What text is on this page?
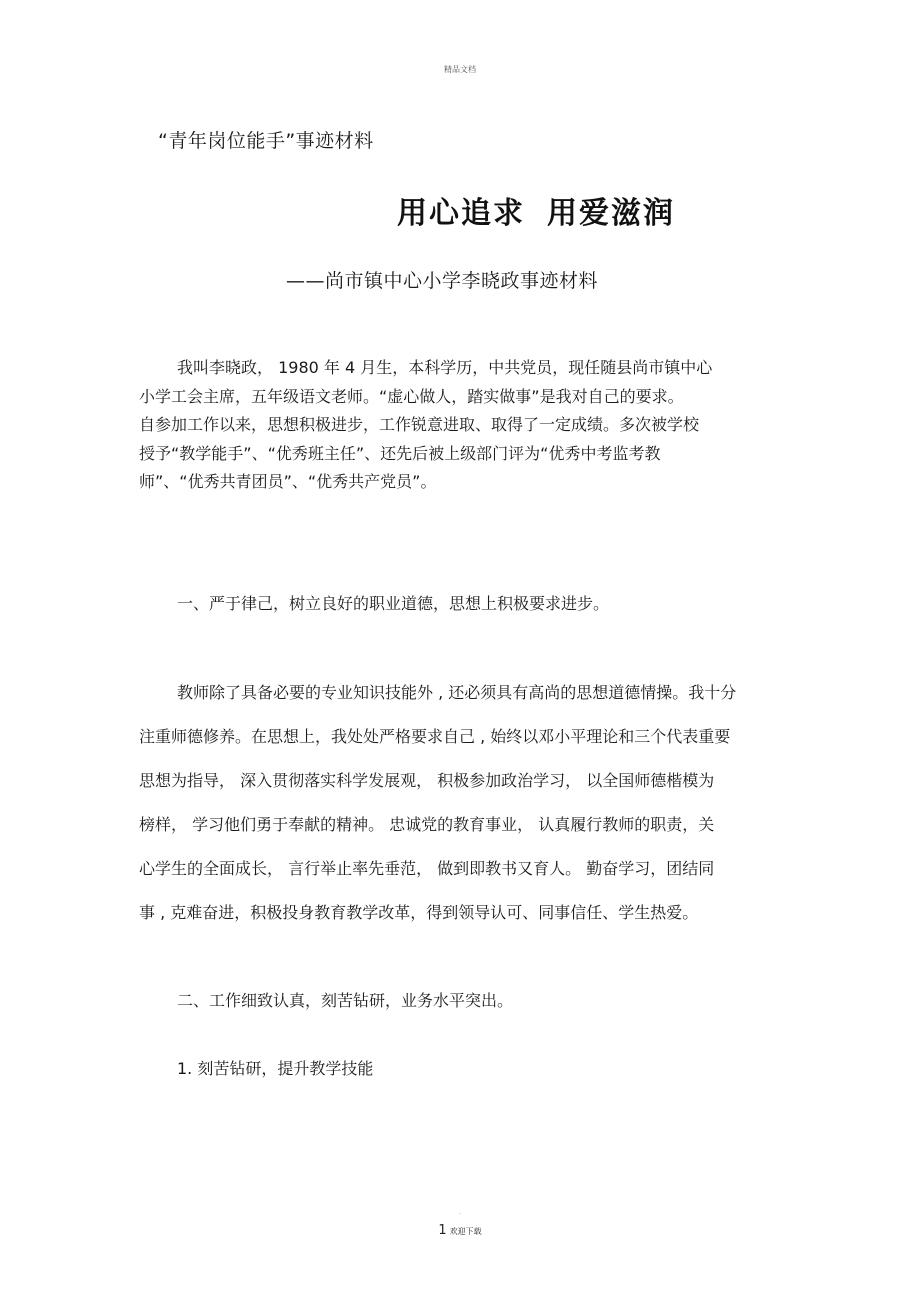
精品文档

“青年岗位能手”事迹材料

用心追求 用爱滋润

——尚市镇中心小学李晓政事迹材料

我叫李晓政， 1980 年 4 月生，本科学历，中共党员，现任随县尚市镇中心
小学工会主席，五年级语文老师。“虚心做人，踏实做事”是我对自己的要求。
自参加工作以来，思想积极进步，工作锐意进取、取得了一定成绩。多次被学校
授予“教学能手”、“优秀班主任”、还先后被上级部门评为“优秀中考监考教
师”、“优秀共青团员”、“优秀共产党员”。

一、严于律己，树立良好的职业道德，思想上积极要求进步。

教师除了具备必要的专业知识技能外 , 还必须具有高尚的思想道德情操。我十分
注重师德修养。在思想上，我处处严格要求自己 , 始终以邓小平理论和三个代表重要
思想为指导， 深入贯彻落实科学发展观， 积极参加政治学习， 以全国师德楷模为
榜样， 学习他们勇于奉献的精神。 忠诚党的教育事业， 认真履行教师的职责，关
心学生的全面成长， 言行举止率先垂范， 做到即教书又育人。 勤奋学习，团结同
事 , 克难奋进，积极投身教育教学改革，得到领导认可、同事信任、学生热爱。

二、工作细致认真，刻苦钻研，业务水平突出。

1. 刻苦钻研，提升教学技能

.
1 欢迎下载
